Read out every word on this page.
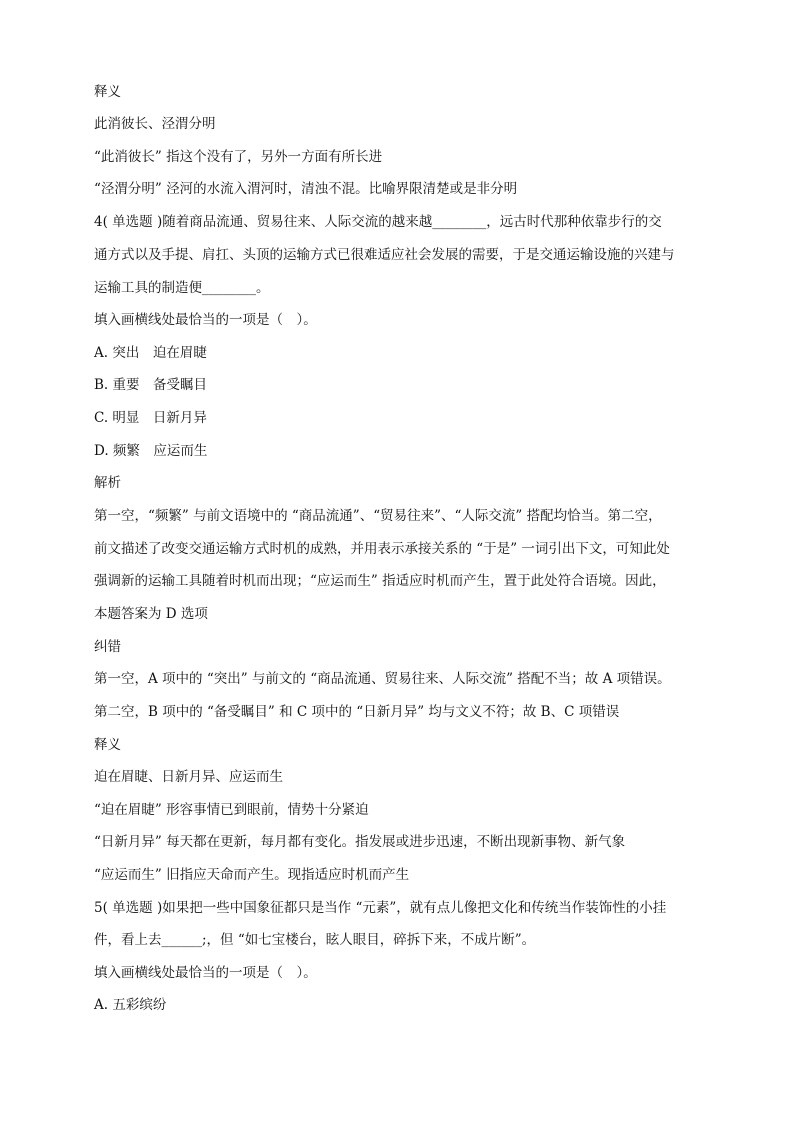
释义
此消彼长、泾渭分明
“此消彼长” 指这个没有了，另外一方面有所长进
“泾渭分明” 泾河的水流入渭河时，清浊不混。比喻界限清楚或是非分明
4( 单选题 )随着商品流通、贸易往来、人际交流的越来越________，远古时代那种依靠步行的交
通方式以及手提、肩扛、头顶的运输方式已很难适应社会发展的需要，于是交通运输设施的兴建与
运输工具的制造便________。
填入画横线处最恰当的一项是（　）。
A. 突出　迫在眉睫
B. 重要　备受瞩目
C. 明显　日新月异
D. 频繁　应运而生
解析
第一空，“频繁” 与前文语境中的 “商品流通”、“贸易往来”、“人际交流” 搭配均恰当。第二空，
前文描述了改变交通运输方式时机的成熟，并用表示承接关系的 “于是” 一词引出下文，可知此处
强调新的运输工具随着时机而出现；“应运而生” 指适应时机而产生，置于此处符合语境。因此，
本题答案为 D 选项
纠错
第一空，A 项中的 “突出” 与前文的 “商品流通、贸易往来、人际交流” 搭配不当；故 A 项错误。
第二空，B 项中的 “备受瞩目” 和 C 项中的 “日新月异” 均与文义不符；故 B、C 项错误
释义
迫在眉睫、日新月异、应运而生
“迫在眉睫” 形容事情已到眼前，情势十分紧迫
“日新月异” 每天都在更新，每月都有变化。指发展或进步迅速，不断出现新事物、新气象
“应运而生” 旧指应天命而产生。现指适应时机而产生
5( 单选题 )如果把一些中国象征都只是当作 “元素”，就有点儿像把文化和传统当作装饰性的小挂
件，看上去______;，但 “如七宝楼台，眩人眼目，碎拆下来，不成片断”。
填入画横线处最恰当的一项是（　）。
A. 五彩缤纷
